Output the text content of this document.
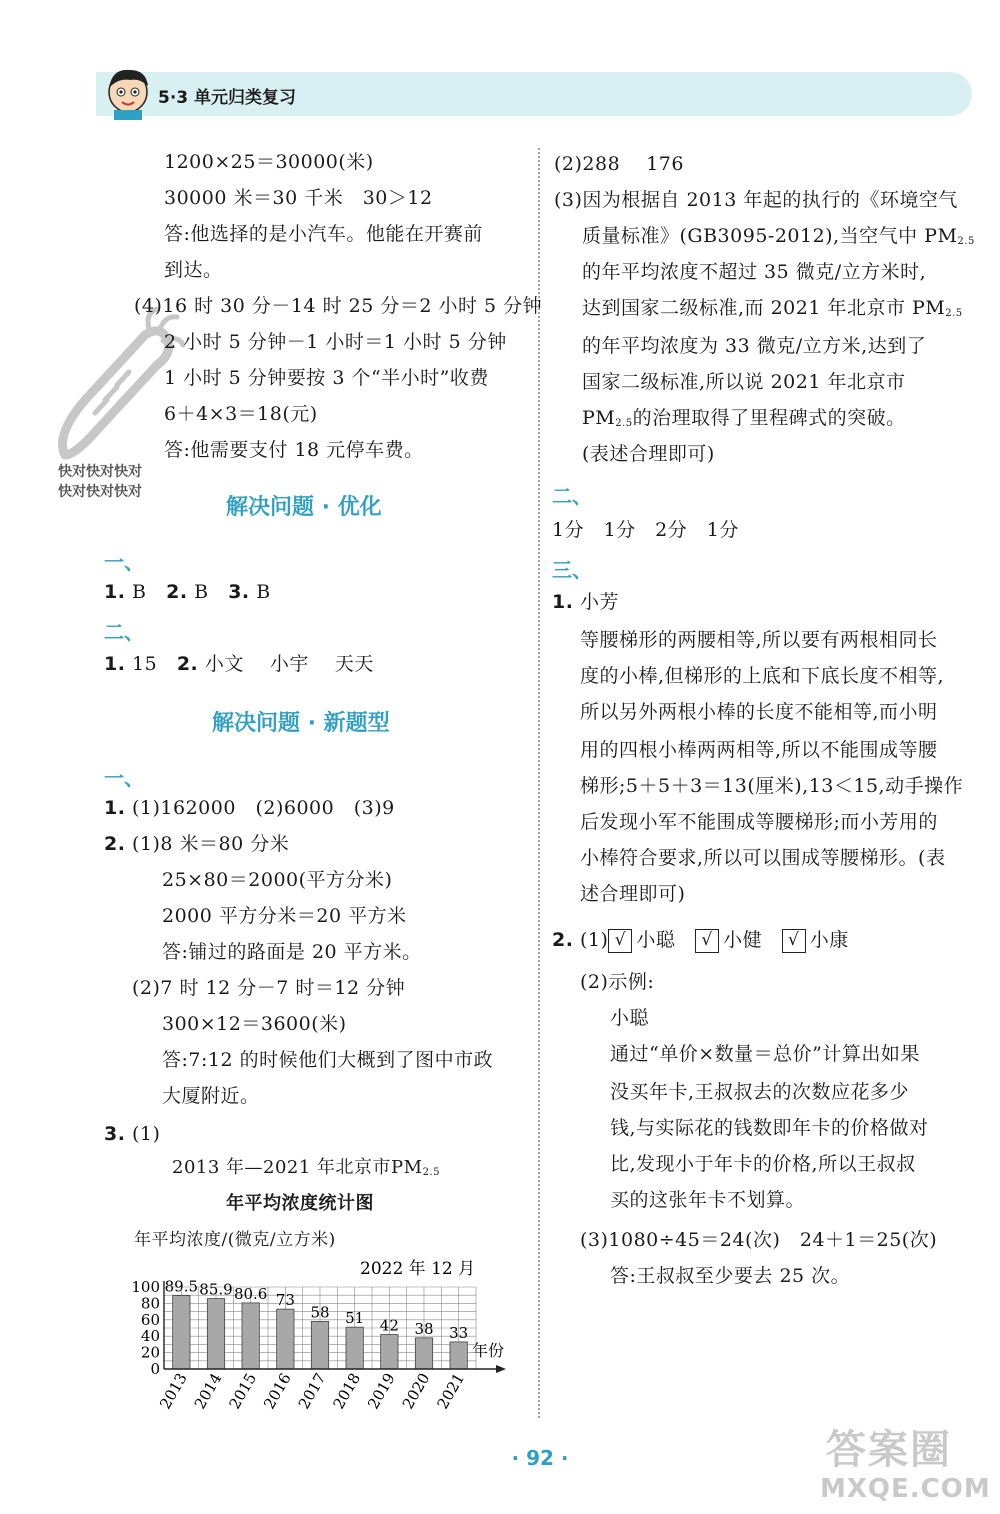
5·3 单元归类复习
快对快对快对
快对快对快对
1200×25＝30000(米)
30000 米＝30 千米　30＞12
答:他选择的是小汽车。他能在开赛前
到达。
(4)16 时 30 分－14 时 25 分＝2 小时 5 分钟
2 小时 5 分钟－1 小时＝1 小时 5 分钟
1 小时 5 分钟要按 3 个“半小时”收费
6＋4×3＝18(元)
答:他需要支付 18 元停车费。
解决问题 · 优化
一、
1. B 2. B 3. B
二、
1. 15 2. 小文　 小宇　 天天
解决问题 · 新题型
一、
1. (1)162000　(2)6000　(3)9
2. (1)8 米＝80 分米
25×80＝2000(平方分米)
2000 平方分米＝20 平方米
答:铺过的路面是 20 平方米。
(2)7 时 12 分－7 时＝12 分钟
300×12＝3600(米)
答:7:12 的时候他们大概到了图中市政
大厦附近。
3. (1)
2013 年—2021 年北京市$PM_{2.5}$
年平均浓度统计图
年平均浓度/(微克/立方米)
2022 年 12 月
年份
0
20
40
60
80
100 89.5
2013
85.9
2014
80.6
2015
73
2016
58
2017
51
2018
42
2019
38
2020
33
2021
(2)288　 176
(3)因为根据自 2013 年起的执行的《环境空气
质量标准》(GB3095-2012),当空气中 $PM_{2.5}$
的年平均浓度不超过 35 微克/立方米时,
达到国家二级标准,而 2021 年北京市 $PM_{2.5}$
的年平均浓度为 33 微克/立方米,达到了
国家二级标准,所以说 2021 年北京市
$PM_{2.5}$的治理取得了里程碑式的突破。
(表述合理即可)
二、
1分　1分　2分　1分
三、
1. 小芳
等腰梯形的两腰相等,所以要有两根相同长
度的小棒,但梯形的上底和下底长度不相等,
所以另外两根小棒的长度不能相等,而小明
用的四根小棒两两相等,所以不能围成等腰
梯形;5＋5＋3＝13(厘米),13＜15,动手操作
后发现小军不能围成等腰梯形;而小芳用的
小棒符合要求,所以可以围成等腰梯形。(表
述合理即可)
2. (1) √ 小聪 √ 小健 √ 小康
(2)示例:
小聪
通过“单价×数量＝总价”计算出如果
没买年卡,王叔叔去的次数应花多少
钱,与实际花的钱数即年卡的价格做对
比,发现小于年卡的价格,所以王叔叔
买的这张年卡不划算。
(3)1080÷45＝24(次)　24＋1＝25(次)
答:王叔叔至少要去 25 次。
· 92 ·	答案圈
MXQE.COM
